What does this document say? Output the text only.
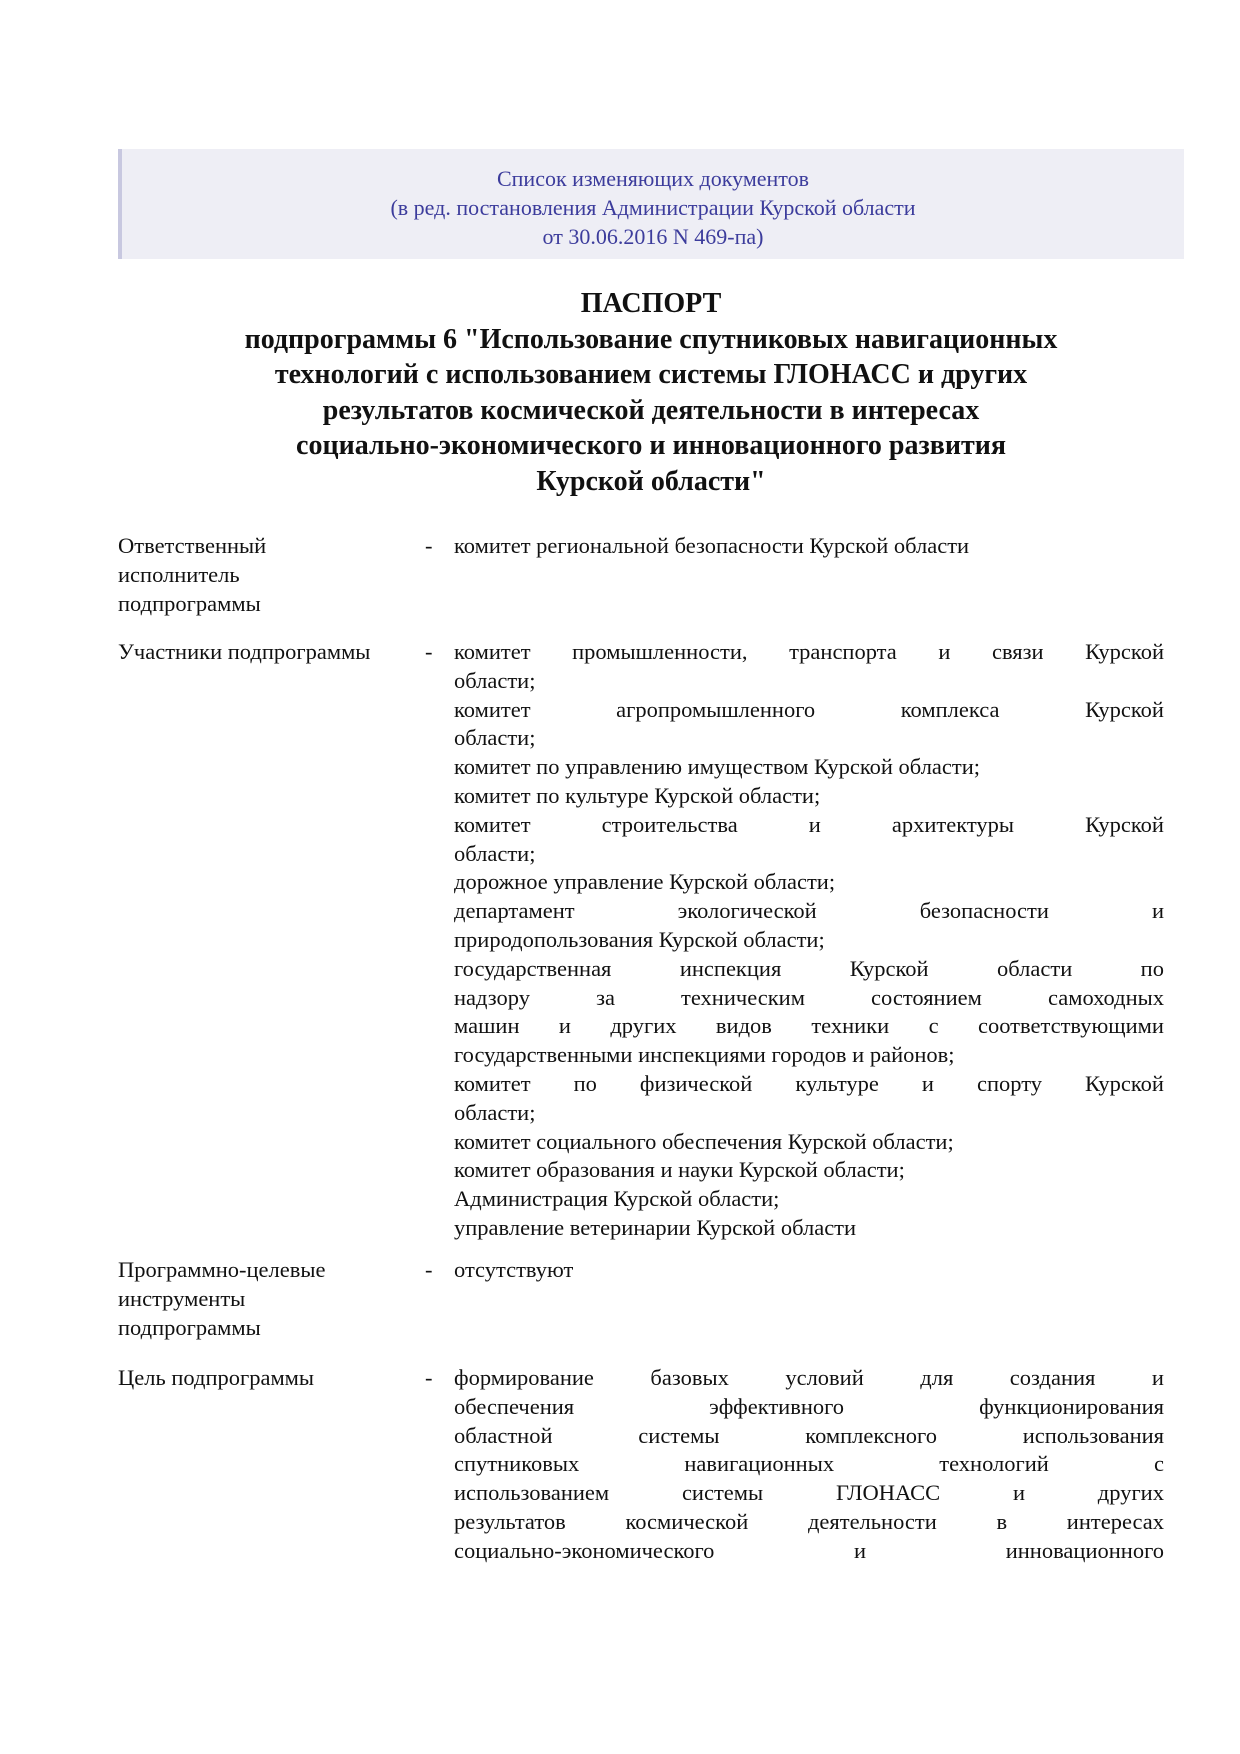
Список изменяющих документов
(в ред. постановления Администрации Курской области
от 30.06.2016 N 469-па)
ПАСПОРТ
подпрограммы 6 "Использование спутниковых навигационных
технологий с использованием системы ГЛОНАСС и других
результатов космической деятельности в интересах
социально-экономического и инновационного развития
Курской области"
Ответственный
исполнитель
подпрограммы
- комитет региональной безопасности Курской области
Участники подпрограммы	- комитет промышленности, транспорта и связи Курской
области;
комитет	агропромышленного	комплекса	Курской
области;
комитет по управлению имуществом Курской области;
комитет по культуре Курской области;
комитет	строительства	и	архитектуры	Курской
области;
дорожное управление Курской области;
департамент	экологической	безопасности	и
природопользования Курской области;
государственная	инспекция	Курской	области	по
надзору	за	техническим	состоянием	самоходных
машин и других видов техники с соответствующими
государственными инспекциями городов и районов;
комитет по физической культуре и спорту Курской
области;
комитет социального обеспечения Курской области;
комитет образования и науки Курской области;
Администрация Курской области;
управление ветеринарии Курской области
Программно-целевые
инструменты
подпрограммы
- отсутствуют
Цель подпрограммы	- формирование	базовых	условий	для	создания	и
обеспечения	эффективного	функционирования
областной	системы	комплексного	использования
спутниковых	навигационных	технологий	с
использованием	системы	ГЛОНАСС	и	других
результатов	космической	деятельности	в	интересах
социально-экономического	и	инновационного
